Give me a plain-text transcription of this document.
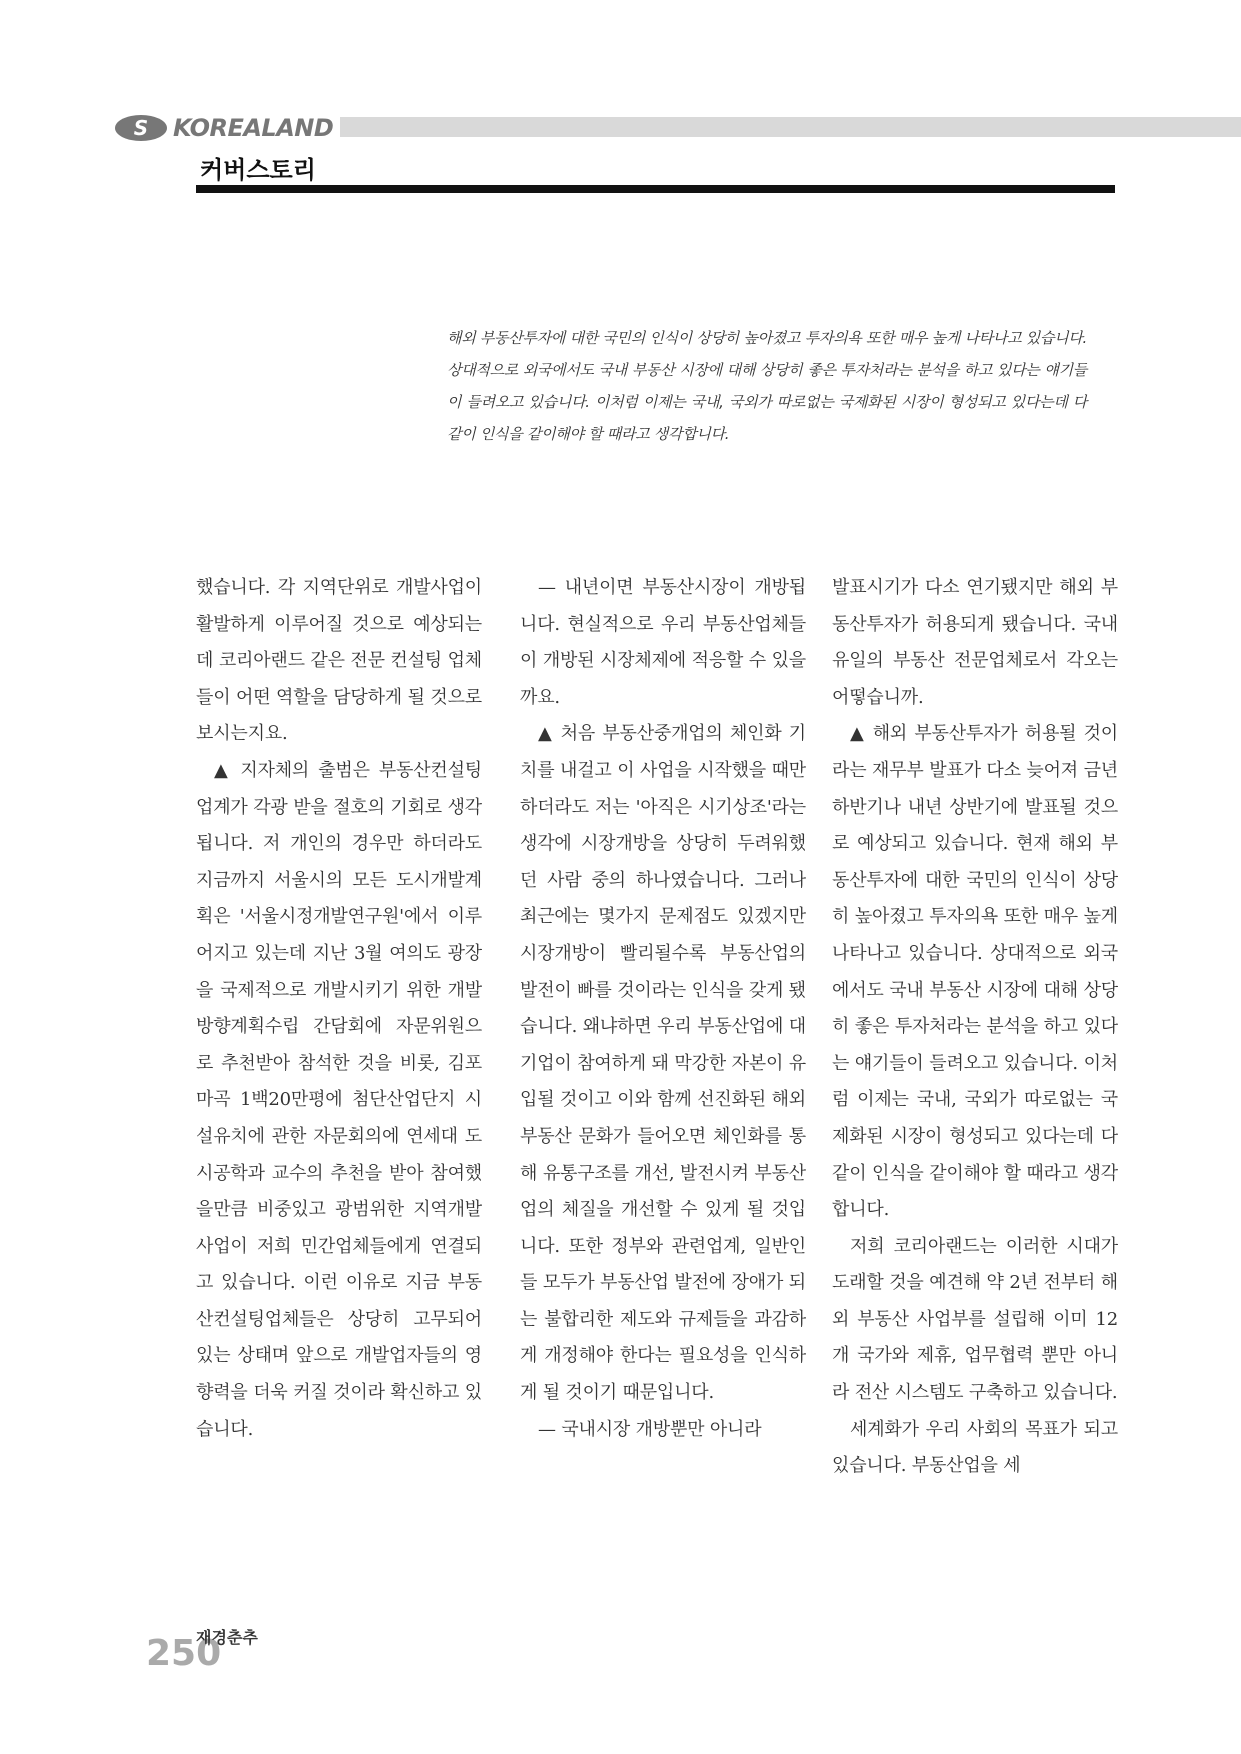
S	KOREALAND
커버스토리
해외 부동산투자에 대한 국민의 인식이 상당히 높아졌고 투자의욕 또한 매우 높게 나타나고 있습니다. 상대적으로 외국에서도 국내 부동산 시장에 대해 상당히 좋은 투자처라는 분석을 하고 있다는 얘기들이 들려오고 있습니다. 이처럼 이제는 국내, 국외가 따로없는 국제화된 시장이 형성되고 있다는데 다같이 인식을 같이해야 할 때라고 생각합니다.

했습니다. 각 지역단위로 개발사업이 활발하게 이루어질 것으로 예상되는데 코리아랜드 같은 전문 컨설팅 업체들이 어떤 역할을 담당하게 될 것으로 보시는지요.

▲ 지자체의 출범은 부동산컨설팅업계가 각광 받을 절호의 기회로 생각됩니다. 저 개인의 경우만 하더라도 지금까지 서울시의 모든 도시개발계획은 '서울시정개발연구원'에서 이루어지고 있는데 지난 3월 여의도 광장을 국제적으로 개발시키기 위한 개발방향계획수립 간담회에 자문위원으로 추천받아 참석한 것을 비롯, 김포마곡 1백20만평에 첨단산업단지 시설유치에 관한 자문회의에 연세대 도시공학과 교수의 추천을 받아 참여했을만큼 비중있고 광범위한 지역개발사업이 저희 민간업체들에게 연결되고 있습니다. 이런 이유로 지금 부동산컨설팅업체들은 상당히 고무되어 있는 상태며 앞으로 개발업자들의 영향력을 더욱 커질 것이라 확신하고 있습니다.

— 내년이면 부동산시장이 개방됩니다. 현실적으로 우리 부동산업체들이 개방된 시장체제에 적응할 수 있을까요.

▲ 처음 부동산중개업의 체인화 기치를 내걸고 이 사업을 시작했을 때만 하더라도 저는 '아직은 시기상조'라는 생각에 시장개방을 상당히 두려워했던 사람 중의 하나였습니다. 그러나 최근에는 몇가지 문제점도 있겠지만 시장개방이 빨리될수록 부동산업의 발전이 빠를 것이라는 인식을 갖게 됐습니다. 왜냐하면 우리 부동산업에 대기업이 참여하게 돼 막강한 자본이 유입될 것이고 이와 함께 선진화된 해외부동산 문화가 들어오면 체인화를 통해 유통구조를 개선, 발전시켜 부동산업의 체질을 개선할 수 있게 될 것입니다. 또한 정부와 관련업계, 일반인들 모두가 부동산업 발전에 장애가 되는 불합리한 제도와 규제들을 과감하게 개정해야 한다는 필요성을 인식하게 될 것이기 때문입니다.

— 국내시장 개방뿐만 아니라

발표시기가 다소 연기됐지만 해외 부동산투자가 허용되게 됐습니다. 국내 유일의 부동산 전문업체로서 각오는 어떻습니까.

▲ 해외 부동산투자가 허용될 것이라는 재무부 발표가 다소 늦어져 금년 하반기나 내년 상반기에 발표될 것으로 예상되고 있습니다. 현재 해외 부동산투자에 대한 국민의 인식이 상당히 높아졌고 투자의욕 또한 매우 높게 나타나고 있습니다. 상대적으로 외국에서도 국내 부동산 시장에 대해 상당히 좋은 투자처라는 분석을 하고 있다는 얘기들이 들려오고 있습니다. 이처럼 이제는 국내, 국외가 따로없는 국제화된 시장이 형성되고 있다는데 다같이 인식을 같이해야 할 때라고 생각합니다.

저희 코리아랜드는 이러한 시대가 도래할 것을 예견해 약 2년 전부터 해외 부동산 사업부를 설립해 이미 12개 국가와 제휴, 업무협력 뿐만 아니라 전산 시스템도 구축하고 있습니다.

세계화가 우리 사회의 목표가 되고 있습니다. 부동산업을 세

250
재경춘추
